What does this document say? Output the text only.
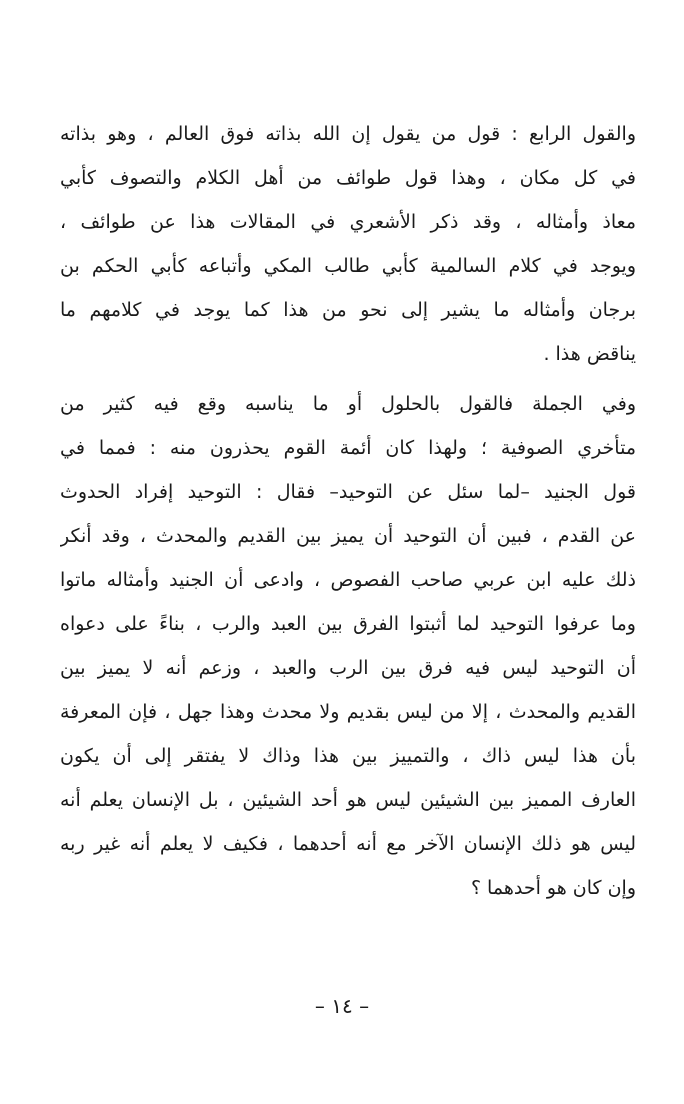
والقول الرابع : قول من يقول إن الله بذاته فوق العالم ، وهو بذاته
في كل مكان ، وهذا قول طوائف من أهل الكلام والتصوف كأبي
معاذ وأمثاله ، وقد ذكر الأشعري في المقالات هذا عن طوائف ،
ويوجد في كلام السالمية كأبي طالب المكي وأتباعه كأبي الحكم بن
برجان وأمثاله ما يشير إلى نحو من هذا كما يوجد في كلامهم ما
يناقض هذا .
وفي الجملة فالقول بالحلول أو ما يناسبه وقع فيه كثير من
متأخري الصوفية ؛ ولهذا كان أئمة القوم يحذرون منه : فمما في
قول الجنيد –لما سئل عن التوحيد– فقال : التوحيد إفراد الحدوث
عن القدم ، فبين أن التوحيد أن يميز بين القديم والمحدث ، وقد أنكر
ذلك عليه ابن عربي صاحب الفصوص ، وادعى أن الجنيد وأمثاله ماتوا
وما عرفوا التوحيد لما أثبتوا الفرق بين العبد والرب ، بناءً على دعواه
أن التوحيد ليس فيه فرق بين الرب والعبد ، وزعم أنه لا يميز بين
القديم والمحدث ، إلا من ليس بقديم ولا محدث وهذا جهل ، فإن المعرفة
بأن هذا ليس ذاك ، والتمييز بين هذا وذاك لا يفتقر إلى أن يكون
العارف المميز بين الشيئين ليس هو أحد الشيئين ، بل الإنسان يعلم أنه
ليس هو ذلك الإنسان الآخر مع أنه أحدهما ، فكيف لا يعلم أنه غير ربه
وإن كان هو أحدهما ؟
– ١٤ –
